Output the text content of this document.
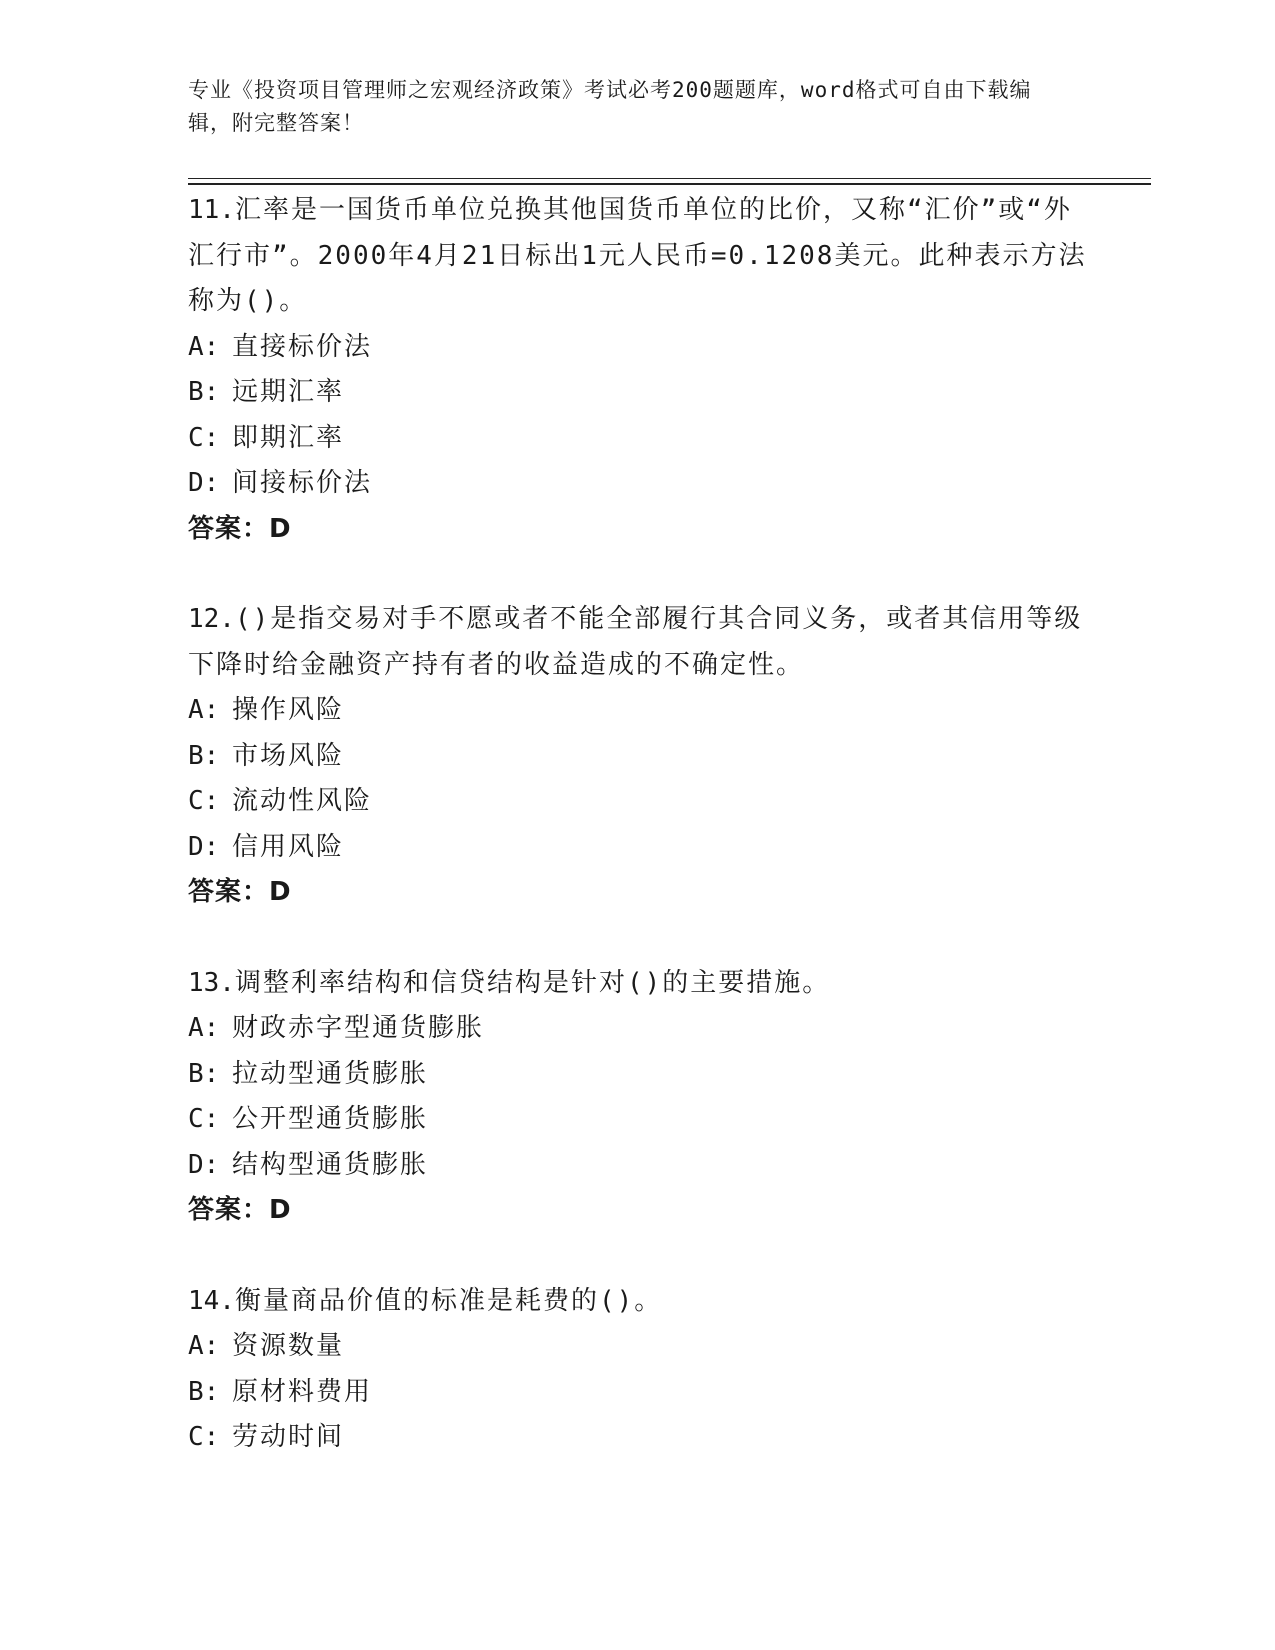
专业《投资项目管理师之宏观经济政策》考试必考200题题库，word格式可自由下载编辑，附完整答案！
11.汇率是一国货币单位兑换其他国货币单位的比价，又称“汇价”或“外汇行市”。2000年4月21日标出1元人民币=0.1208美元。此种表示方法称为()。
A: 直接标价法
B: 远期汇率
C: 即期汇率
D: 间接标价法
答案：D
12.()是指交易对手不愿或者不能全部履行其合同义务，或者其信用等级下降时给金融资产持有者的收益造成的不确定性。
A: 操作风险
B: 市场风险
C: 流动性风险
D: 信用风险
答案：D
13.调整利率结构和信贷结构是针对()的主要措施。
A: 财政赤字型通货膨胀
B: 拉动型通货膨胀
C: 公开型通货膨胀
D: 结构型通货膨胀
答案：D
14.衡量商品价值的标准是耗费的()。
A: 资源数量
B: 原材料费用
C: 劳动时间
